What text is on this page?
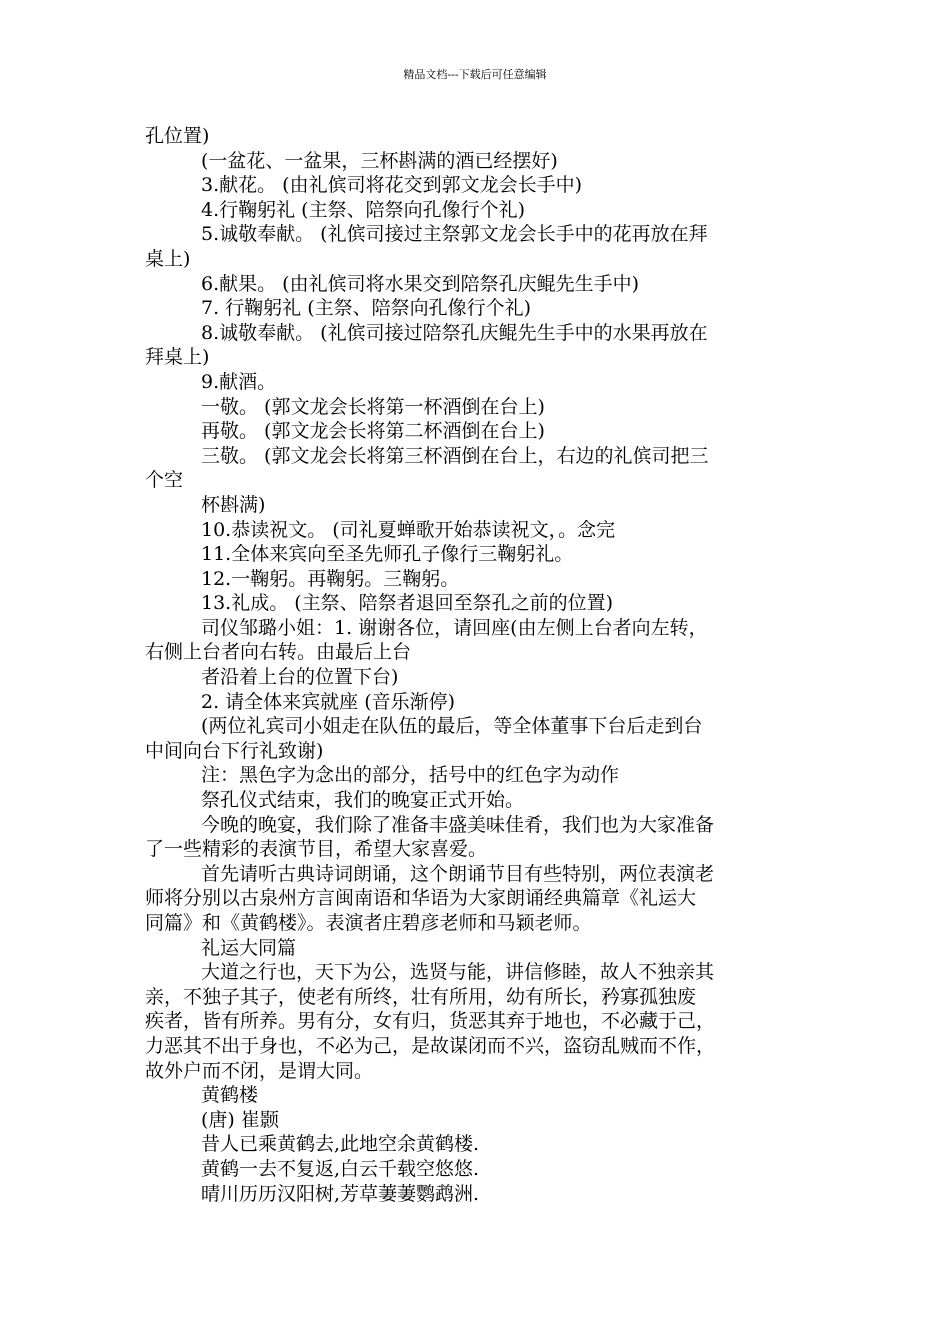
精品文档---下载后可任意编辑

孔位置)

(一盆花、一盆果，三杯斟满的酒已经摆好)

3.献花。 (由礼傧司将花交到郭文龙会长手中)

4.行鞠躬礼 (主祭、陪祭向孔像行个礼)

5.诚敬奉献。 (礼傧司接过主祭郭文龙会长手中的花再放在拜

桌上)

6.献果。 (由礼傧司将水果交到陪祭孔庆鲲先生手中)

7. 行鞠躬礼 (主祭、陪祭向孔像行个礼)

8.诚敬奉献。 (礼傧司接过陪祭孔庆鲲先生手中的水果再放在

拜桌上)

9.献酒。

一敬。 (郭文龙会长将第一杯酒倒在台上)

再敬。 (郭文龙会长将第二杯酒倒在台上)

三敬。 (郭文龙会长将第三杯酒倒在台上，右边的礼傧司把三

个空

杯斟满)

10.恭读祝文。 (司礼夏蝉歌开始恭读祝文，。念完

11.全体来宾向至圣先师孔子像行三鞠躬礼。

12.一鞠躬。再鞠躬。三鞠躬。

13.礼成。 (主祭、陪祭者退回至祭孔之前的位置)

司仪邹璐小姐：1. 谢谢各位，请回座(由左侧上台者向左转，

右侧上台者向右转。由最后上台

者沿着上台的位置下台)

2. 请全体来宾就座 (音乐渐停)

(两位礼宾司小姐走在队伍的最后，等全体董事下台后走到台

中间向台下行礼致谢)

注：黑色字为念出的部分，括号中的红色字为动作

祭孔仪式结束，我们的晚宴正式开始。

今晚的晚宴，我们除了准备丰盛美味佳肴，我们也为大家准备

了一些精彩的表演节目，希望大家喜爱。

首先请听古典诗词朗诵，这个朗诵节目有些特别，两位表演老

师将分别以古泉州方言闽南语和华语为大家朗诵经典篇章《礼运大

同篇》和《黄鹤楼》。表演者庄碧彦老师和马颖老师。

礼运大同篇

大道之行也，天下为公，选贤与能，讲信修睦，故人不独亲其

亲，不独子其子，使老有所终，壮有所用，幼有所长，矜寡孤独废

疾者，皆有所养。男有分，女有归，货恶其弃于地也，不必藏于己，

力恶其不出于身也，不必为己，是故谋闭而不兴，盗窃乱贼而不作，

故外户而不闭，是谓大同。

黄鹤楼

(唐) 崔颢

昔人已乘黄鹤去,此地空余黄鹤楼.

黄鹤一去不复返,白云千载空悠悠.

晴川历历汉阳树,芳草萋萋鹦鹉洲.
